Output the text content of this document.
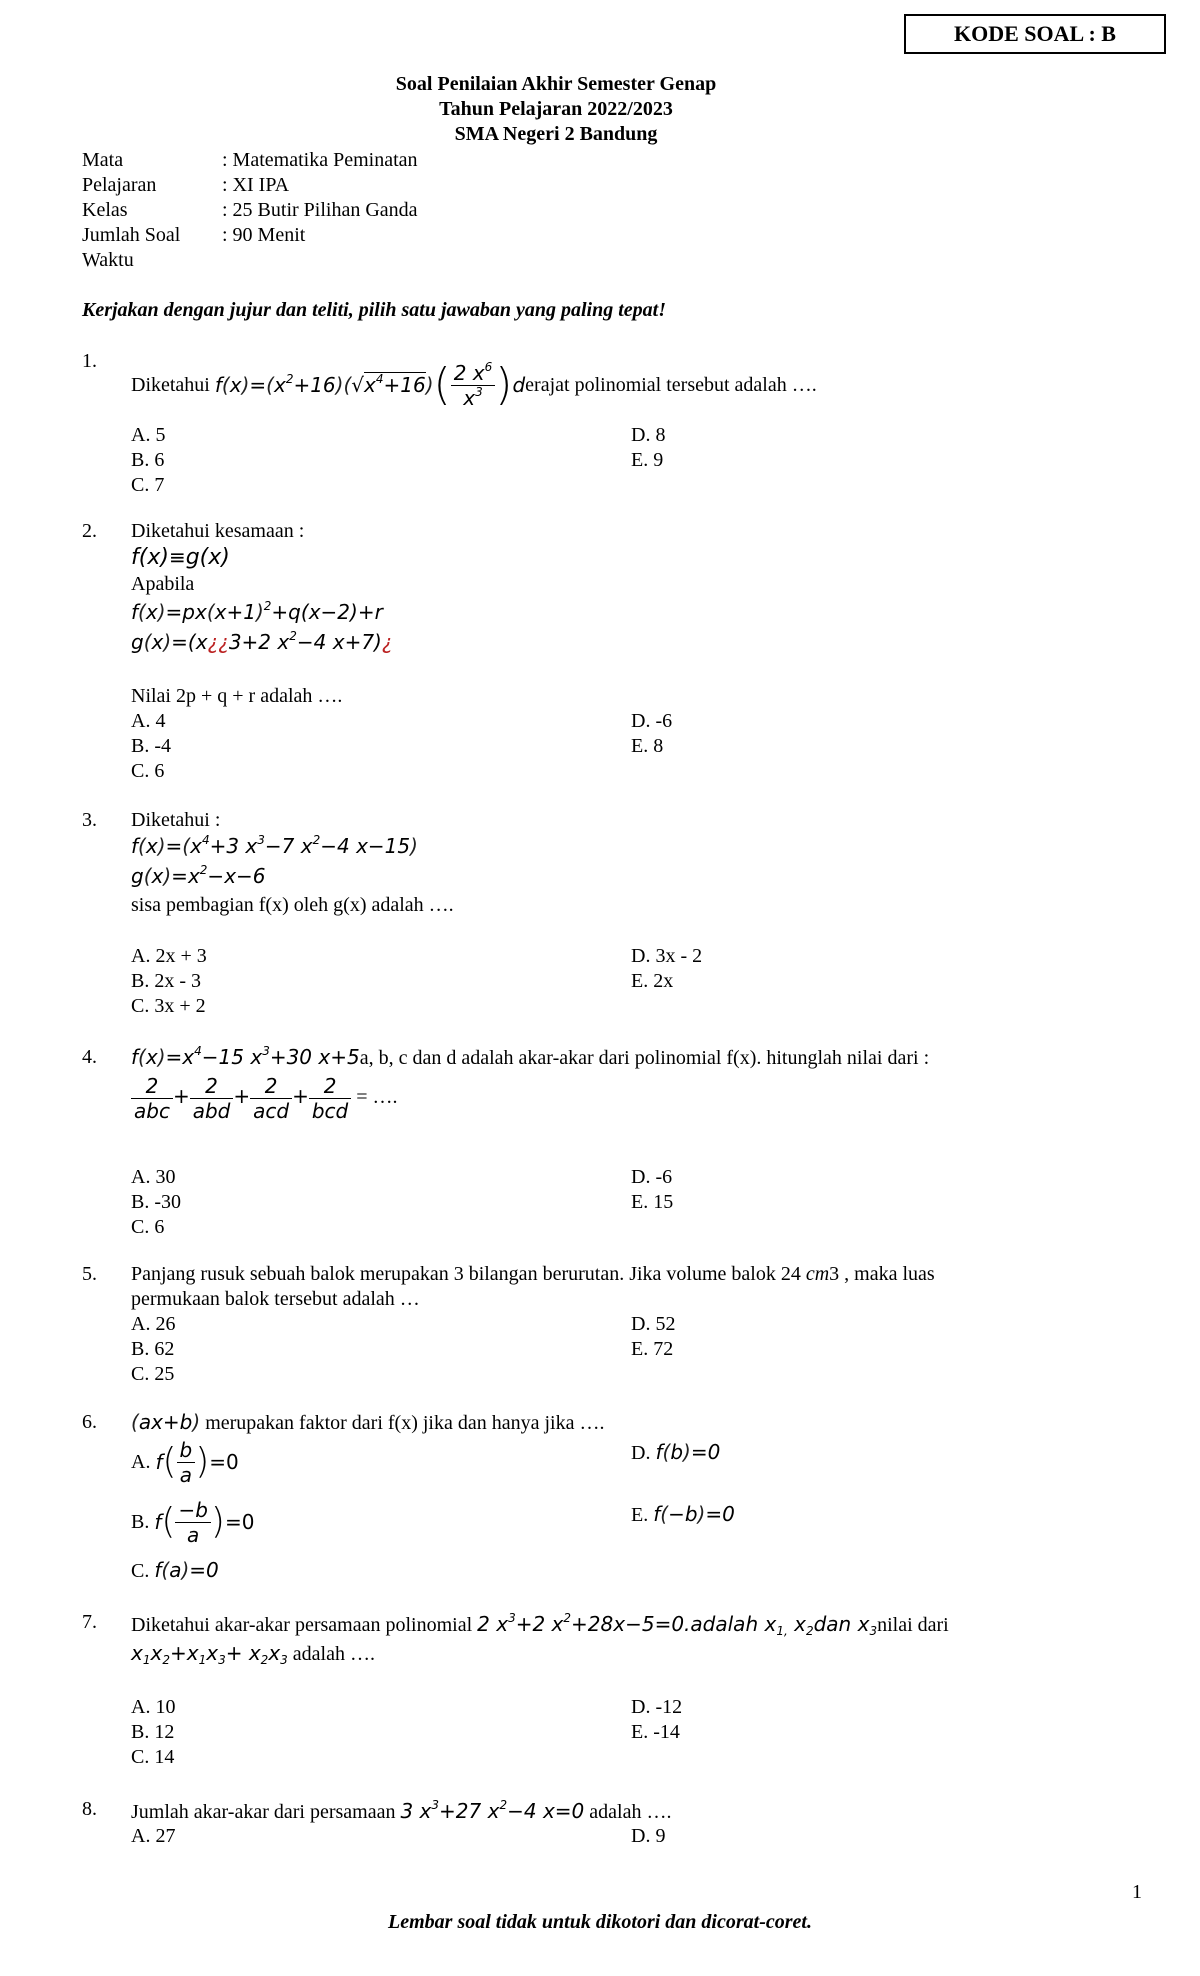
KODE SOAL : B
Soal Penilaian Akhir Semester Genap
Tahun Pelajaran 2022/2023
SMA Negeri 2 Bandung
Mata
Pelajaran
Kelas
Jumlah Soal
Waktu
: Matematika Peminatan
: XI IPA
: 25 Butir Pilihan Ganda
: 90 Menit
Kerjakan dengan jujur dan teliti, pilih satu jawaban yang paling tepat!
1.
Diketahui
$f(x)=(x^2+16)(√x^4+16)$ ( $\frac{2 x^6}{x^3}$ ) d erajat polinomial tersebut adalah ….
A. 5
B. 6
C. 7
D. 8
E. 9
2. Diketahui kesamaan :
f(x)≡g(x)
Apabila
$f(x)=px(x+1)^2+q(x-2)+r$
g(x)=(x¿¿3+2 $x^2-4$ x+7)¿
Nilai 2p + q + r adalah ….
A. 4
B. -4
C. 6
D. -6
E. 8
3. Diketahui :
$f(x)=(x^4+3$ $x^3-7$ $x^2-4$ x−15)
$g(x)=x^2-x-6$
sisa pembagian f(x) oleh g(x) adalah ….
A. 2x + 3
B. 2x - 3
C. 3x + 2
D. 3x - 2
E. 2x
4. $f(x)=x^4-15$ $x^3+30$ x+5a, b, c dan d adalah akar-akar dari polinomial f(x). hitunglah nilai dari :
$\frac{2}{\text{abc}} + \frac{2}{\text{abd}} + \frac{2}{\text{acd}} + \frac{2}{\text{bcd}}$ = ….
A. 30
B. -30
C. 6
D. -6
E. 15
5. Panjang rusuk sebuah balok merupakan 3 bilangan berurutan. Jika volume balok 24 cm3 , maka luas
permukaan balok tersebut adalah …
A. 26
B. 62
C. 25
D. 52
E. 72
6. (ax+b) merupakan faktor dari f(x) jika dan hanya jika ….
A.
f ( $\frac{b}{a}$ ) =0
B.
f ( $\frac{-b}{a}$ ) =0
C. f(a)=0
D. f(b)=0
E. f(−b)=0
7. Diketahui akar-akar persamaan polinomial 2 $x^3+2$ $x^2+28x-5=0.adalah$ $x_{1,}$ $x_2dan$ $x_3nilai$ dari
$x_1x_2+x_1x_3+ x_2x_3$ adalah ….
A. 10
B. 12
C. 14
D. -12
E. -14
8. Jumlah akar-akar dari persamaan 3 $x^3+27$ $x^2-4$ x=0 adalah ….
A. 27	D. 9
1
Lembar soal tidak untuk dikotori dan dicorat-coret.
